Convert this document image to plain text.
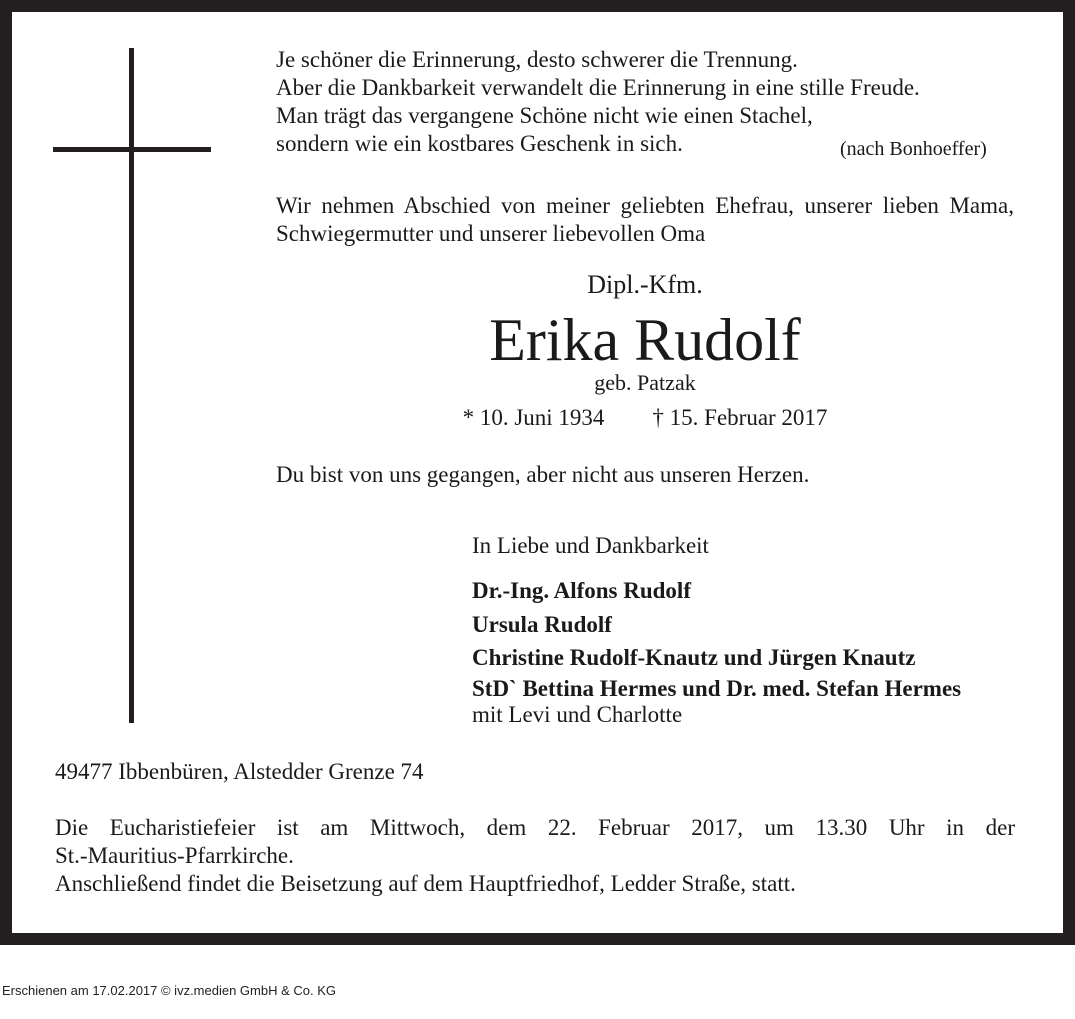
Je schöner die Erinnerung, desto schwerer die Trennung.
Aber die Dankbarkeit verwandelt die Erinnerung in eine stille Freude.
Man trägt das vergangene Schöne nicht wie einen Stachel,
sondern wie ein kostbares Geschenk in sich.	(nach Bonhoeffer)
Wir nehmen Abschied von meiner geliebten Ehefrau, unserer lieben Mama, Schwiegermutter und unserer liebevollen Oma
Dipl.-Kfm.
Erika Rudolf
geb. Patzak
* 10. Juni 1934 † 15. Februar 2017
Du bist von uns gegangen, aber nicht aus unseren Herzen.
In Liebe und Dankbarkeit
Dr.-Ing. Alfons Rudolf
Ursula Rudolf
Christine Rudolf-Knautz und Jürgen Knautz
StD` Bettina Hermes und Dr. med. Stefan Hermes
mit Levi und Charlotte
49477 Ibbenbüren, Alstedder Grenze 74
Die Eucharistiefeier ist am Mittwoch, dem 22. Februar 2017, um 13.30 Uhr in der
St.-Mauritius-Pfarrkirche.
Anschließend findet die Beisetzung auf dem Hauptfriedhof, Ledder Straße, statt.
Erschienen am 17.02.2017 © ivz.medien GmbH & Co. KG
